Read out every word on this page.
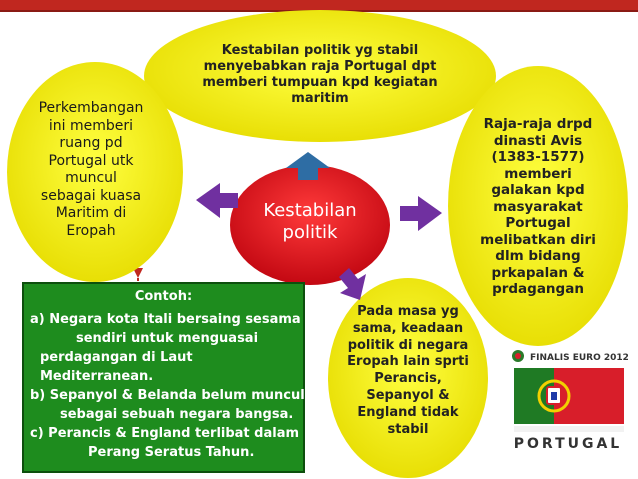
Kestabilan politik yg stabil
menyebabkan raja Portugal dpt
memberi tumpuan kpd kegiatan
maritim
Perkembangan
ini memberi
ruang pd
Portugal utk
muncul
sebagai kuasa
Maritim di
Eropah
Raja-raja drpd
dinasti Avis
(1383-1577)
memberi
galakan kpd
masyarakat
Portugal
melibatkan diri
dlm bidang
prkapalan &
prdagangan
Pada masa yg
sama, keadaan
politik di negara
Eropah lain sprti
Perancis,
Sepanyol &
England tidak
stabil
Kestabilan
politik
Contoh:
a) Negara kota Itali bersaing sesama
sendiri untuk menguasai
perdagangan di Laut Mediterranean.
b) Sepanyol & Belanda belum muncul
sebagai sebuah negara bangsa.
c) Perancis & England terlibat dalam
Perang Seratus Tahun.
FINALIS EURO 2012
PORTUGAL
